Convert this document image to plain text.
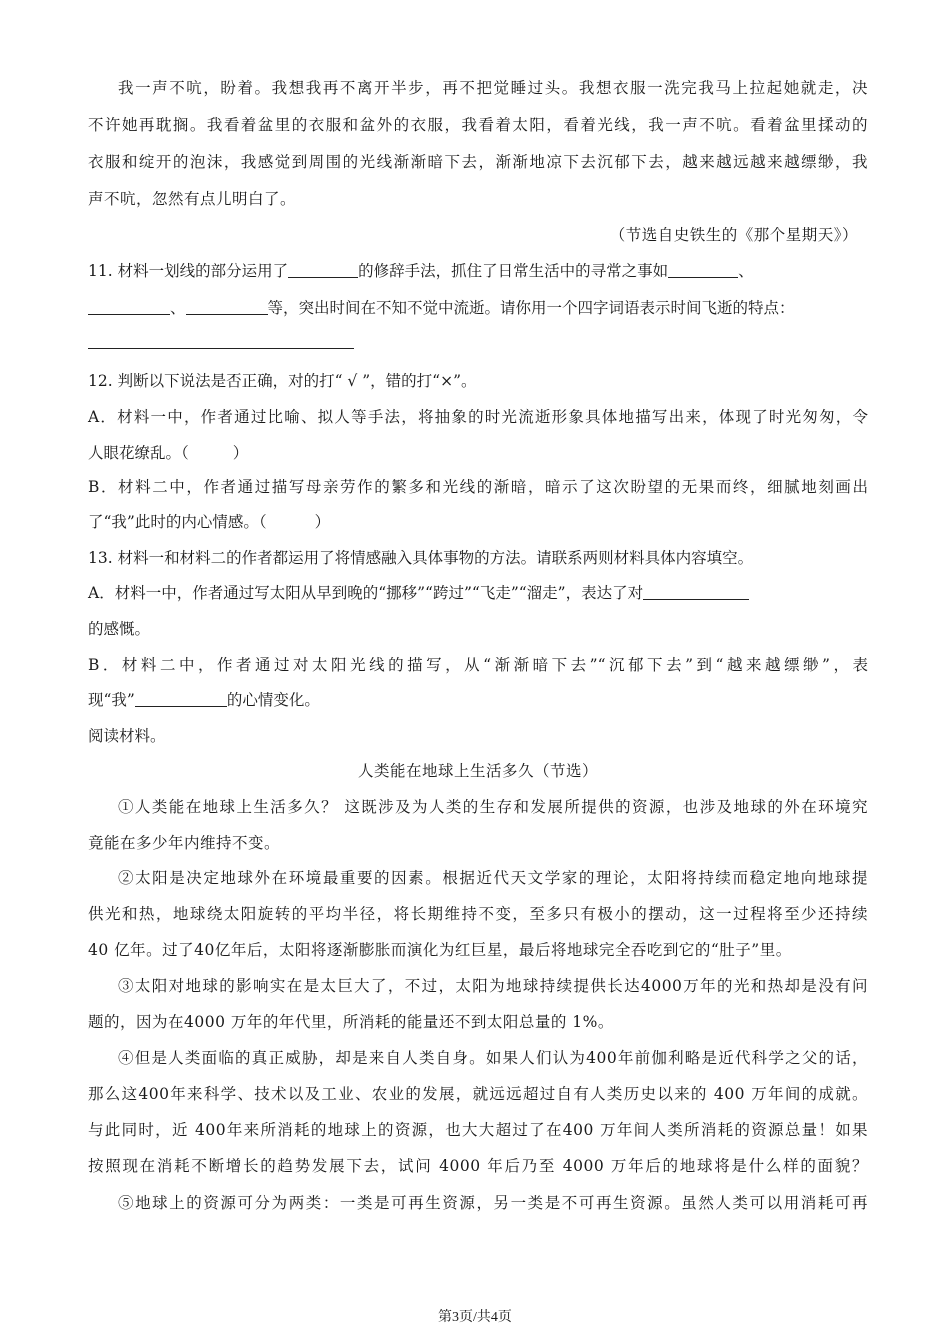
我一声不吭，盼着。我想我再不离开半步，再不把觉睡过头。我想衣服一洗完我马上拉起她就走，决
不许她再耽搁。我看着盆里的衣服和盆外的衣服，我看着太阳，看着光线，我一声不吭。看着盆里揉动的
衣服和绽开的泡沫，我感觉到周围的光线渐渐暗下去，渐渐地凉下去沉郁下去，越来越远越来越缥缈，我
声不吭，忽然有点儿明白了。
（节选自史铁生的《那个星期天》）
11. 材料一划线的部分运用了	的修辞手法，抓住了日常生活中的寻常之事如	、
、	等，突出时间在不知不觉中流逝。请你用一个四字词语表示时间飞逝的特点：
12. 判断以下说法是否正确，对的打“ √ ”，错的打“×”。
A．材料一中，作者通过比喻、拟人等手法，将抽象的时光流逝形象具体地描写出来，体现了时光匆匆，令
人眼花缭乱。（	）
B．材料二中，作者通过描写母亲劳作的繁多和光线的渐暗，暗示了这次盼望的无果而终，细腻地刻画出
了“我”此时的内心情感。（	）
13. 材料一和材料二的作者都运用了将情感融入具体事物的方法。请联系两则材料具体内容填空。
A．材料一中，作者通过写太阳从早到晚的“挪移”“跨过”“飞走”“溜走”，表达了对
的感慨。
B．材料二中，作者通过对太阳光线的描写，从“渐渐暗下去”“沉郁下去”到“越来越缥缈”，表
现“我”	的心情变化。
阅读材料。
人类能在地球上生活多久（节选）
①人类能在地球上生活多久？ 这既涉及为人类的生存和发展所提供的资源，也涉及地球的外在环境究
竟能在多少年内维持不变。
②太阳是决定地球外在环境最重要的因素。根据近代天文学家的理论，太阳将持续而稳定地向地球提
供光和热，地球绕太阳旋转的平均半径，将长期维持不变，至多只有极小的摆动，这一过程将至少还持续
40 亿年。过了40亿年后，太阳将逐渐膨胀而演化为红巨星，最后将地球完全吞吃到它的“肚子”里。
③太阳对地球的影响实在是太巨大了，不过，太阳为地球持续提供长达4000万年的光和热却是没有问
题的，因为在4000 万年的年代里，所消耗的能量还不到太阳总量的 1%。
④但是人类面临的真正威胁，却是来自人类自身。如果人们认为400年前伽利略是近代科学之父的话，
那么这400年来科学、技术以及工业、农业的发展，就远远超过自有人类历史以来的 400 万年间的成就。
与此同时，近 400年来所消耗的地球上的资源，也大大超过了在400 万年间人类所消耗的资源总量！如果
按照现在消耗不断增长的趋势发展下去，试问 4000 年后乃至 4000 万年后的地球将是什么样的面貌？
⑤地球上的资源可分为两类：一类是可再生资源，另一类是不可再生资源。虽然人类可以用消耗可再
第3页/共4页
